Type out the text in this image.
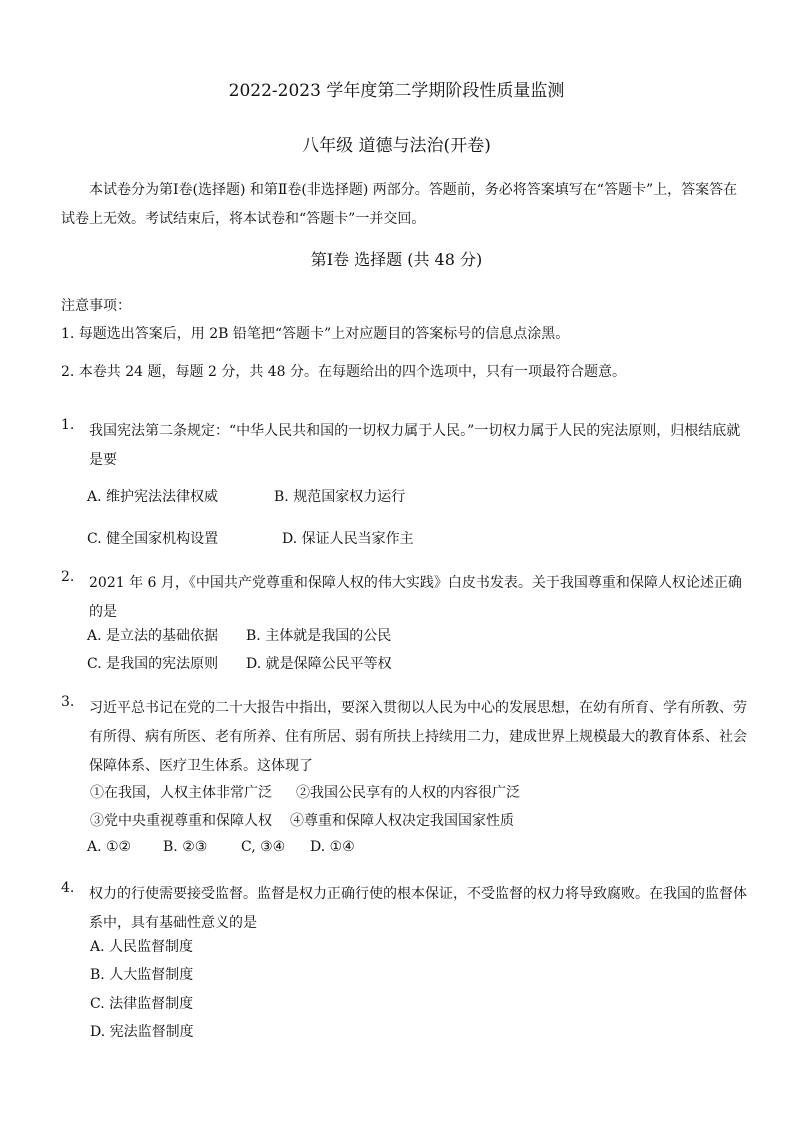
2022-2023 学年度第二学期阶段性质量监测
八年级 道德与法治(开卷)
本试卷分为第Ⅰ卷(选择题) 和第Ⅱ卷(非选择题) 两部分。答题前，务必将答案填写在“答题卡”上，答案答在试卷上无效。考试结束后，将本试卷和“答题卡”一并交回。
第Ⅰ卷 选择题 (共 48 分)
注意事项：
1. 每题选出答案后，用 2B 铅笔把“答题卡”上对应题目的答案标号的信息点涂黑。
2. 本卷共 24 题，每题 2 分，共 48 分。在每题给出的四个选项中，只有一项最符合题意。
1. 我国宪法第二条规定：“中华人民共和国的一切权力属于人民。”一切权力属于人民的宪法原则，归根结底就是要
A. 维护宪法法律权威	B. 规范国家权力运行
C. 健全国家机构设置	D. 保证人民当家作主
2. 2021 年 6 月，《中国共产党尊重和保障人权的伟大实践》白皮书发表。关于我国尊重和保障人权论述正确的是
A. 是立法的基础依据 B. 主体就是我国的公民
C. 是我国的宪法原则 D. 就是保障公民平等权
3. 习近平总书记在党的二十大报告中指出，要深入贯彻以人民为中心的发展思想，在幼有所育、学有所教、劳有所得、病有所医、老有所养、住有所居、弱有所扶上持续用二力，建成世界上规模最大的教育体系、社会保障体系、医疗卫生体系。这体现了
①在我国，人权主体非常广泛 ②我国公民享有的人权的内容很广泛
③党中央重视尊重和保障人权 ④尊重和保障人权决定我国国家性质
A. ①② B. ②③ C, ③④ D. ①④
4. 权力的行使需要接受监督。监督是权力正确行使的根本保证，不受监督的权力将导致腐败。在我国的监督体系中，具有基础性意义的是
A. 人民监督制度
B. 人大监督制度
C. 法律监督制度
D. 宪法监督制度
